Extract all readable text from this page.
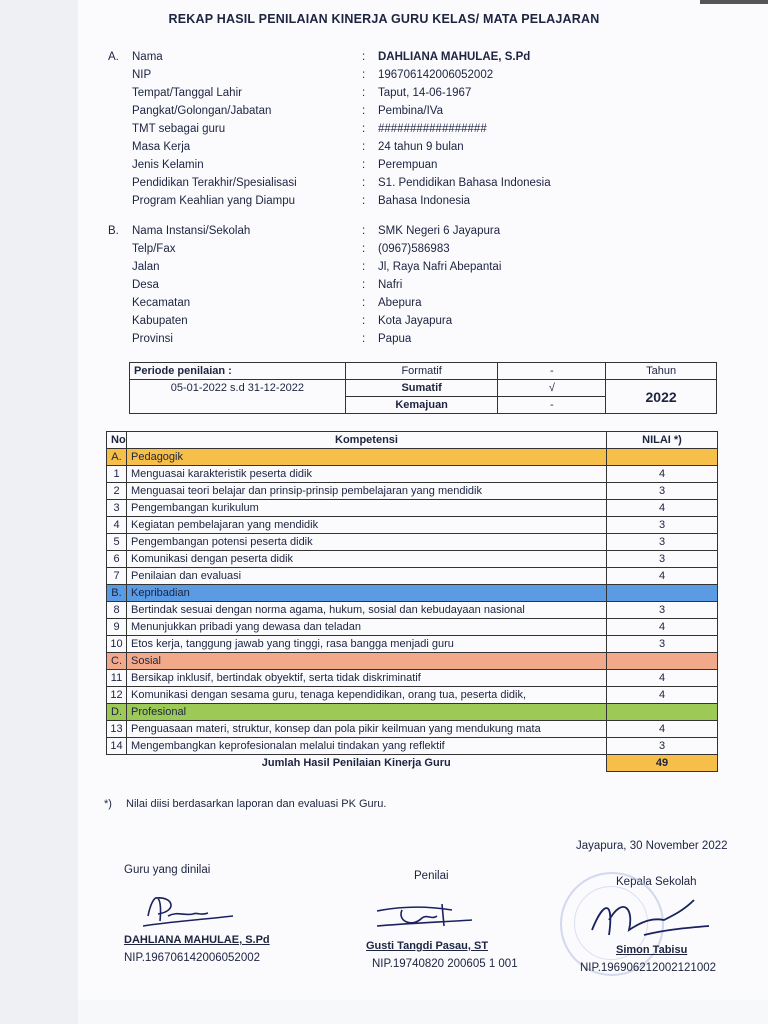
REKAP HASIL PENILAIAN KINERJA GURU KELAS/ MATA PELAJARAN
A.	Nama	: DAHLIANA MAHULAE, S.Pd
NIP	: 196706142006052002
Tempat/Tanggal Lahir	: Taput, 14-06-1967
Pangkat/Golongan/Jabatan	: Pembina/IVa
TMT sebagai guru	: #################
Masa Kerja	: 24 tahun 9 bulan
Jenis Kelamin	: Perempuan
Pendidikan Terakhir/Spesialisasi	: S1. Pendidikan Bahasa Indonesia
Program Keahlian yang Diampu	: Bahasa Indonesia
B.	Nama Instansi/Sekolah	: SMK Negeri 6 Jayapura
Telp/Fax	: (0967)586983
Jalan	: Jl, Raya Nafri Abepantai
Desa	: Nafri
Kecamatan	: Abepura
Kabupaten	: Kota Jayapura
Provinsi	: Papua
Periode penilaian :	Formatif	-	Tahun
05-01-2022 s.d 31-12-2022	Sumatif	√	2022
	Kemajuan	-	
No	Kompetensi	NILAI *)
A.	Pedagogik	
1	Menguasai karakteristik peserta didik	4
2	Menguasai teori belajar dan prinsip-prinsip pembelajaran yang mendidik	3
3	Pengembangan kurikulum	4
4	Kegiatan pembelajaran yang mendidik	3
5	Pengembangan potensi peserta didik	3
6	Komunikasi dengan peserta didik	3
7	Penilaian dan evaluasi	4
B.	Kepribadian	
8	Bertindak sesuai dengan norma agama, hukum, sosial dan kebudayaan nasional	3
9	Menunjukkan pribadi yang dewasa dan teladan	4
10	Etos kerja, tanggung jawab yang tinggi, rasa bangga menjadi guru	3
C.	Sosial	
11	Bersikap inklusif, bertindak obyektif, serta tidak diskriminatif	4
12	Komunikasi dengan sesama guru, tenaga kependidikan, orang tua, peserta didik,	4
D.	Profesional	
13	Penguasaan materi, struktur, konsep dan pola pikir keilmuan yang mendukung mata	4
14	Mengembangkan keprofesionalan melalui tindakan yang reflektif	3
Jumlah Hasil Penilaian Kinerja Guru		49
*) Nilai diisi berdasarkan laporan dan evaluasi PK Guru.
Jayapura, 30 November 2022
Guru yang dinilai	Penilai	Kepala Sekolah
DAHLIANA MAHULAE, S.Pd
NIP.196706142006052002
Gusti Tangdi Pasau, ST
NIP.19740820 200605 1 001
Simon Tabisu
NIP.196906212002121002
